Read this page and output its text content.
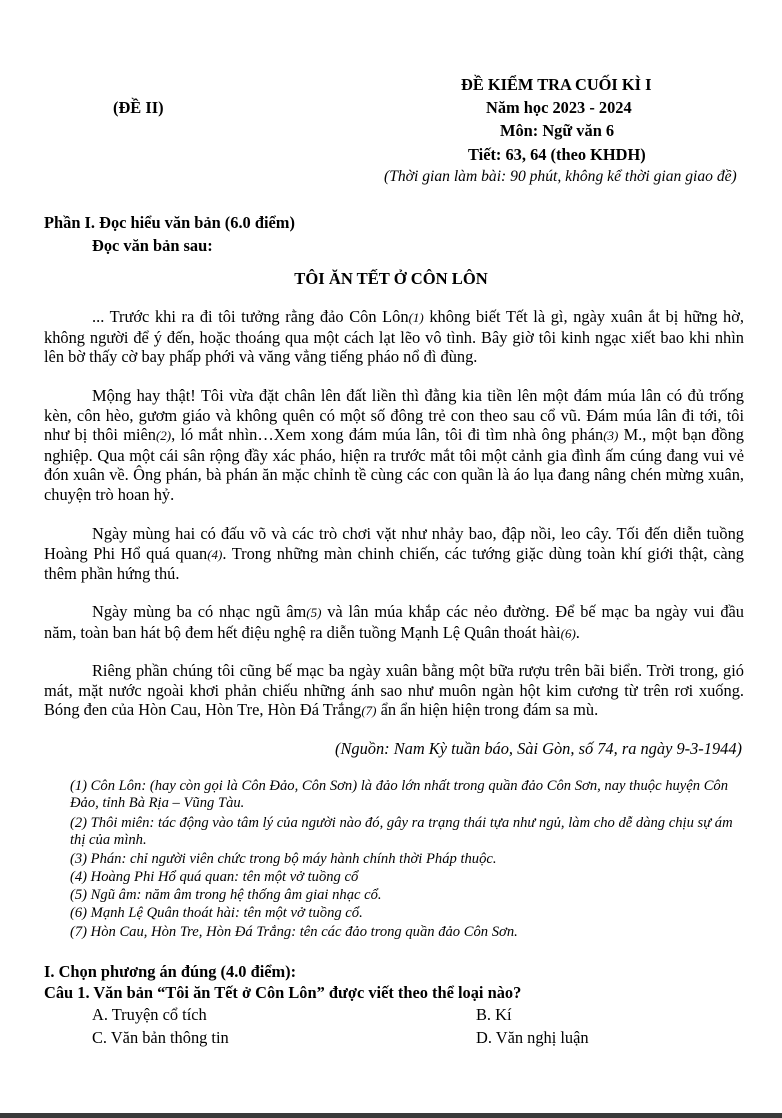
ĐỀ KIỂM TRA CUỐI KÌ I
(ĐỀ II)	Năm học 2023 - 2024
Môn: Ngữ văn 6
Tiết: 63, 64 (theo KHDH)
(Thời gian làm bài: 90 phút, không kể thời gian giao đề)
Phần I. Đọc hiểu văn bản (6.0 điểm)
Đọc văn bản sau:
TÔI ĂN TẾT Ở CÔN LÔN

... Trước khi ra đi tôi tưởng rằng đảo Côn Lôn(1) không biết Tết là gì, ngày xuân ắt bị hững hờ, không người để ý đến, hoặc thoáng qua một cách lạt lẽo vô tình. Bây giờ tôi kinh ngạc xiết bao khi nhìn lên bờ thấy cờ bay phấp phới và văng vẳng tiếng pháo nổ đì đùng.

Mộng hay thật! Tôi vừa đặt chân lên đất liền thì đằng kia tiền lên một đám múa lân có đủ trống kèn, côn hèo, gươm giáo và không quên có một số đông trẻ con theo sau cổ vũ. Đám múa lân đi tới, tôi như bị thôi miên(2), ló mắt nhìn…Xem xong đám múa lân, tôi đi tìm nhà ông phán(3) M., một bạn đồng nghiệp. Qua một cái sân rộng đầy xác pháo, hiện ra trước mắt tôi một cảnh gia đình ấm cúng đang vui vẻ đón xuân về. Ông phán, bà phán ăn mặc chỉnh tề cùng các con quần là áo lụa đang nâng chén mừng xuân, chuyện trò hoan hỷ.

Ngày mùng hai có đấu võ và các trò chơi vặt như nhảy bao, đập nồi, leo cây. Tối đến diễn tuồng Hoàng Phi Hổ quá quan(4). Trong những màn chinh chiến, các tướng giặc dùng toàn khí giới thật, càng thêm phần hứng thú.

Ngày mùng ba có nhạc ngũ âm(5) và lân múa khắp các nẻo đường. Để bế mạc ba ngày vui đầu năm, toàn ban hát bộ đem hết điệu nghệ ra diễn tuồng Mạnh Lệ Quân thoát hài(6).

Riêng phần chúng tôi cũng bế mạc ba ngày xuân bằng một bữa rượu trên bãi biển. Trời trong, gió mát, mặt nước ngoài khơi phản chiếu những ánh sao như muôn ngàn hột kim cương từ trên rơi xuống. Bóng đen của Hòn Cau, Hòn Tre, Hòn Đá Trắng(7) ẩn ẩn hiện hiện trong đám sa mù.

(Nguồn: Nam Kỳ tuần báo, Sài Gòn, số 74, ra ngày 9-3-1944)
(1) Côn Lôn: (hay còn gọi là Côn Đảo, Côn Sơn) là đảo lớn nhất trong quần đảo Côn Sơn, nay thuộc huyện Côn Đảo, tỉnh Bà Rịa – Vũng Tàu.
(2) Thôi miên: tác động vào tâm lý của người nào đó, gây ra trạng thái tựa như ngủ, làm cho dễ dàng chịu sự ám thị của mình.
(3) Phán: chỉ người viên chức trong bộ máy hành chính thời Pháp thuộc.
(4) Hoàng Phi Hổ quá quan: tên một vở tuồng cổ
(5) Ngũ âm: năm âm trong hệ thống âm giai nhạc cổ.
(6) Mạnh Lệ Quân thoát hài: tên một vở tuồng cổ.
(7) Hòn Cau, Hòn Tre, Hòn Đá Trắng: tên các đảo trong quần đảo Côn Sơn.
I. Chọn phương án đúng (4.0 điểm):
Câu 1. Văn bản “Tôi ăn Tết ở Côn Lôn” được viết theo thể loại nào?
A. Truyện cổ tích	B. Kí
C. Văn bản thông tin	D. Văn nghị luận
